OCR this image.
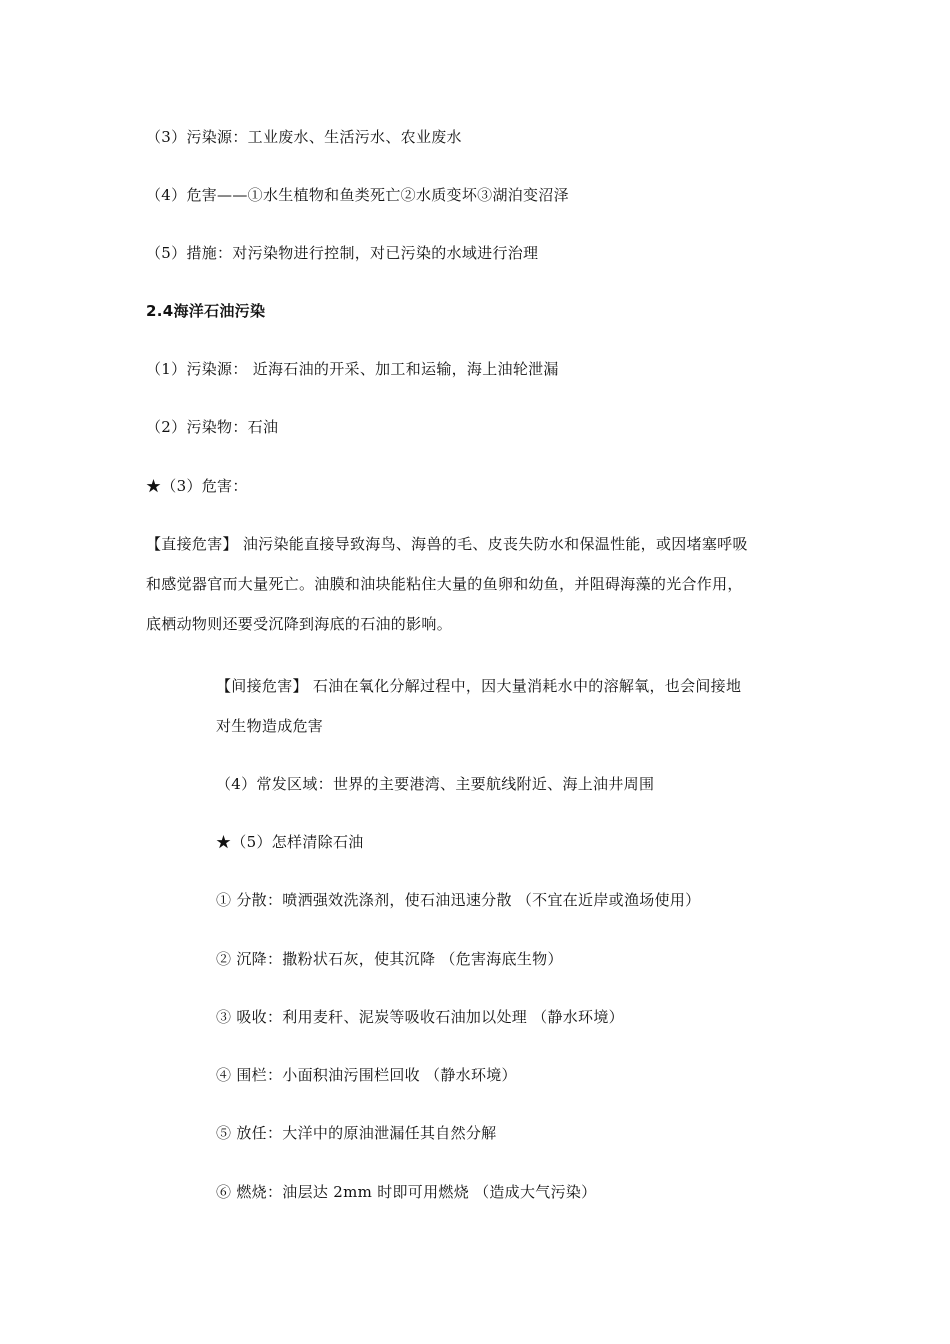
（3）污染源：工业废水、生活污水、农业废水
（4）危害——①水生植物和鱼类死亡②水质变坏③湖泊变沼泽
（5）措施：对污染物进行控制，对已污染的水域进行治理
2.4海洋石油污染
（1）污染源： 近海石油的开采、加工和运输，海上油轮泄漏
（2）污染物：石油
★（3）危害：
【直接危害】 油污染能直接导致海鸟、海兽的毛、皮丧失防水和保温性能，或因堵塞呼吸
和感觉器官而大量死亡。油膜和油块能粘住大量的鱼卵和幼鱼，并阻碍海藻的光合作用，
底栖动物则还要受沉降到海底的石油的影响。
【间接危害】 石油在氧化分解过程中，因大量消耗水中的溶解氧，也会间接地
对生物造成危害
（4）常发区域：世界的主要港湾、主要航线附近、海上油井周围
★（5）怎样清除石油
① 分散：喷洒强效洗涤剂，使石油迅速分散 （不宜在近岸或渔场使用）
② 沉降：撒粉状石灰，使其沉降 （危害海底生物）
③ 吸收：利用麦秆、泥炭等吸收石油加以处理 （静水环境）
④ 围栏：小面积油污围栏回收 （静水环境）
⑤ 放任：大洋中的原油泄漏任其自然分解
⑥ 燃烧：油层达 2mm 时即可用燃烧 （造成大气污染）
